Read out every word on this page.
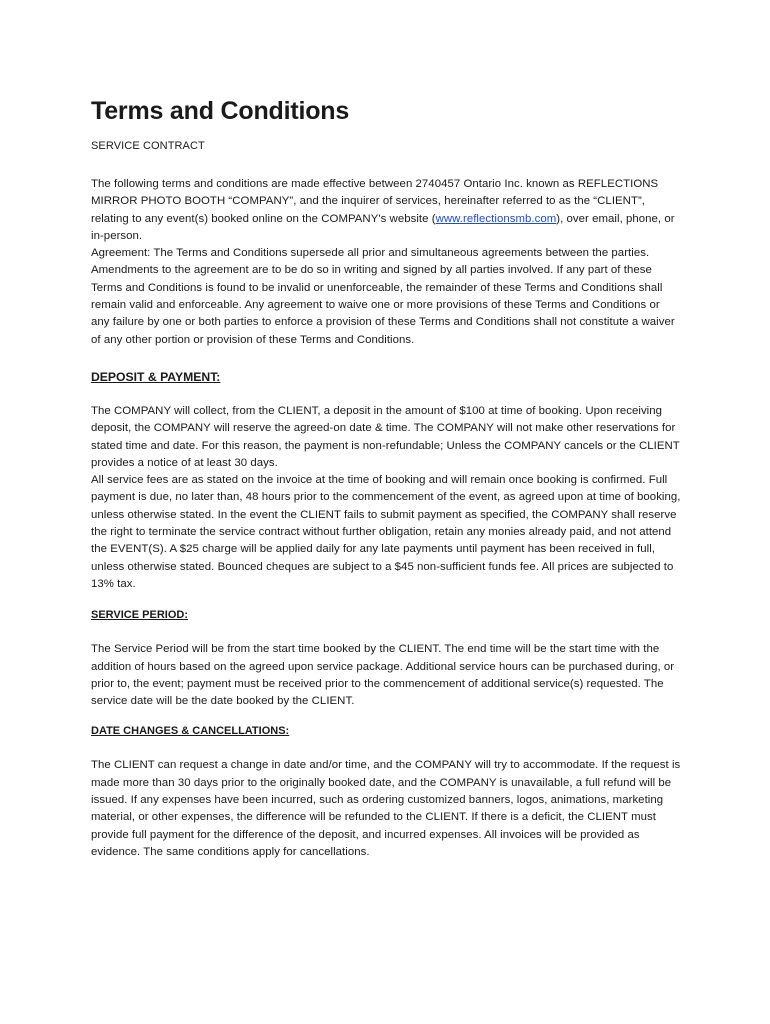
Terms and Conditions

SERVICE CONTRACT

The following terms and conditions are made effective between 2740457 Ontario Inc. known as REFLECTIONS MIRROR PHOTO BOOTH “COMPANY”, and the inquirer of services, hereinafter referred to as the “CLIENT”, relating to any event(s) booked online on the COMPANY's website (www.reflectionsmb.com), over email, phone, or in-person.

Agreement: The Terms and Conditions supersede all prior and simultaneous agreements between the parties. Amendments to the agreement are to be do so in writing and signed by all parties involved. If any part of these Terms and Conditions is found to be invalid or unenforceable, the remainder of these Terms and Conditions shall remain valid and enforceable. Any agreement to waive one or more provisions of these Terms and Conditions or any failure by one or both parties to enforce a provision of these Terms and Conditions shall not constitute a waiver of any other portion or provision of these Terms and Conditions.

DEPOSIT & PAYMENT:

The COMPANY will collect, from the CLIENT, a deposit in the amount of $100 at time of booking. Upon receiving deposit, the COMPANY will reserve the agreed-on date & time. The COMPANY will not make other reservations for stated time and date. For this reason, the payment is non-refundable; Unless the COMPANY cancels or the CLIENT provides a notice of at least 30 days.

All service fees are as stated on the invoice at the time of booking and will remain once booking is confirmed. Full payment is due, no later than, 48 hours prior to the commencement of the event, as agreed upon at time of booking, unless otherwise stated. In the event the CLIENT fails to submit payment as specified, the COMPANY shall reserve the right to terminate the service contract without further obligation, retain any monies already paid, and not attend the EVENT(S). A $25 charge will be applied daily for any late payments until payment has been received in full, unless otherwise stated. Bounced cheques are subject to a $45 non-sufficient funds fee. All prices are subjected to 13% tax.

SERVICE PERIOD:

The Service Period will be from the start time booked by the CLIENT. The end time will be the start time with the addition of hours based on the agreed upon service package. Additional service hours can be purchased during, or prior to, the event; payment must be received prior to the commencement of additional service(s) requested. The service date will be the date booked by the CLIENT.

DATE CHANGES & CANCELLATIONS:

The CLIENT can request a change in date and/or time, and the COMPANY will try to accommodate. If the request is made more than 30 days prior to the originally booked date, and the COMPANY is unavailable, a full refund will be issued. If any expenses have been incurred, such as ordering customized banners, logos, animations, marketing material, or other expenses, the difference will be refunded to the CLIENT. If there is a deficit, the CLIENT must provide full payment for the difference of the deposit, and incurred expenses. All invoices will be provided as evidence. The same conditions apply for cancellations.
